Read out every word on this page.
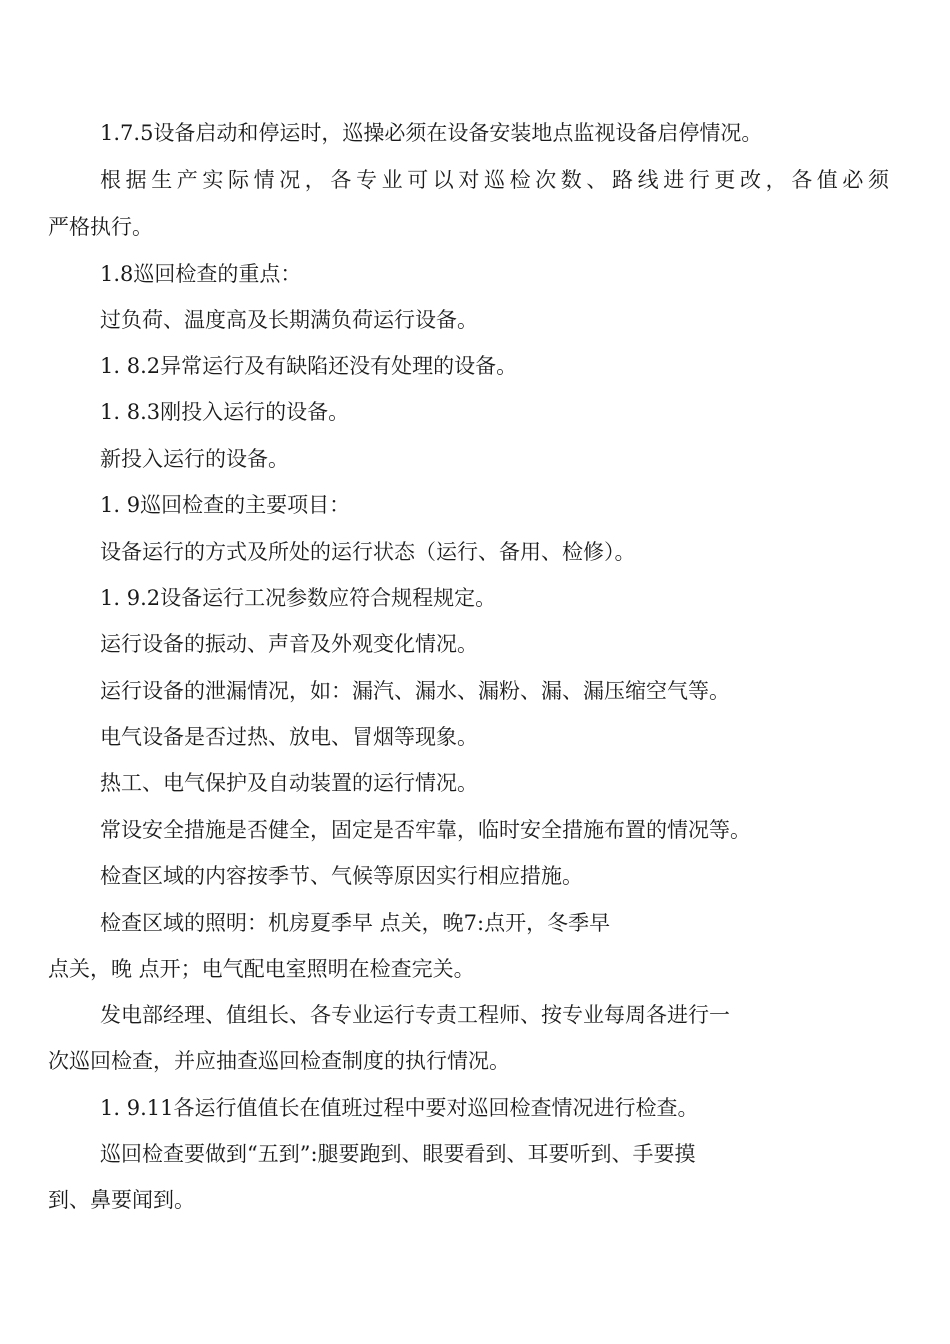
1.7.5设备启动和停运时，巡操必须在设备安装地点监视设备启停情况。
根据生产实际情况，各专业可以对巡检次数、路线进行更改，各值必须
严格执行。
1.8巡回检查的重点：
过负荷、温度高及长期满负荷运行设备。
1. 8.2异常运行及有缺陷还没有处理的设备。
1. 8.3刚投入运行的设备。
新投入运行的设备。
1. 9巡回检查的主要项目：
设备运行的方式及所处的运行状态（运行、备用、检修）。
1. 9.2设备运行工况参数应符合规程规定。
运行设备的振动、声音及外观变化情况。
运行设备的泄漏情况，如：漏汽、漏水、漏粉、漏、漏压缩空气等。
电气设备是否过热、放电、冒烟等现象。
热工、电气保护及自动装置的运行情况。
常设安全措施是否健全，固定是否牢靠，临时安全措施布置的情况等。
检查区域的内容按季节、气候等原因实行相应措施。
检查区域的照明：机房夏季早 点关，晚7:点开，冬季早
点关，晚 点开；电气配电室照明在检查完关。
发电部经理、值组长、各专业运行专责工程师、按专业每周各进行一
次巡回检查，并应抽查巡回检查制度的执行情况。
1. 9.11各运行值值长在值班过程中要对巡回检查情况进行检查。
巡回检查要做到“五到”:腿要跑到、眼要看到、耳要听到、手要摸
到、鼻要闻到。
